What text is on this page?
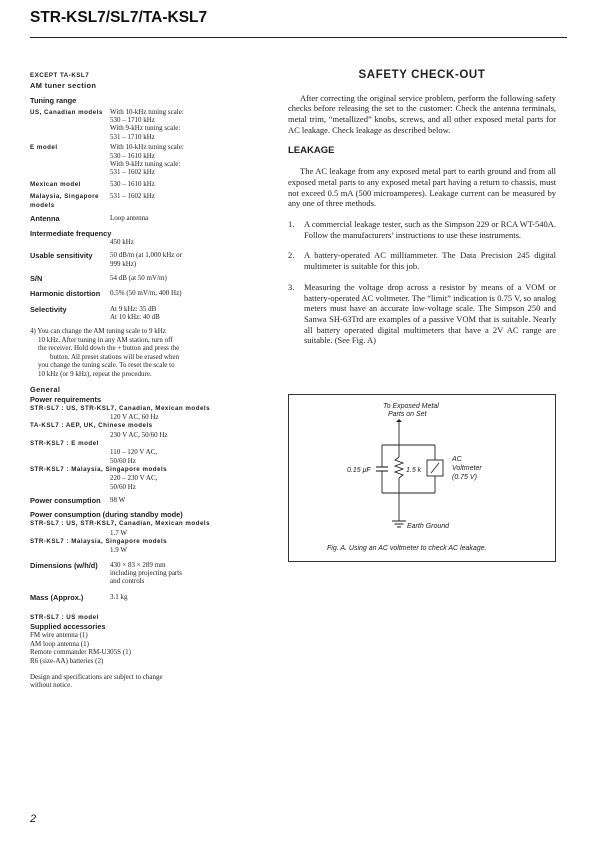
STR-KSL7/SL7/TA-KSL7
EXCEPT TA-KSL7
AM tuner section
Tuning range
US, Canadian models	With 10-kHz tuning scale:
530 – 1710 kHz
With 9-kHz tuning scale:
531 – 1710 kHz
E model	With 10-kHz tuning scale:
530 – 1610 kHz
With 9-kHz tuning scale:
531 – 1602 kHz
Mexican model	530 – 1610 kHz
Malaysia, Singapore models
531 – 1602 kHz
Antenna	Loop antenna
Intermediate frequency
450 kHz
Usable sensitivity	50 dB/m (at 1,000 kHz or
999 kHz)
S/N	54 dB (at 50 mV/m)
Harmonic distortion	0.5% (50 mV/m, 400 Hz)
Selectivity	At 9 kHz: 35 dB
At 10 kHz: 40 dB
4) You can change the AM tuning scale to 9 kHz
10 kHz. After tuning in any AM station, turn off
the receiver. Hold down the + button and press the
button. All preset stations will be erased when
you change the tuning scale. To reset the scale to
10 kHz (or 9 kHz), repeat the procedure.
General
Power requirements
STR-SL7 : US, STR-KSL7, Canadian, Mexican models
120 V AC, 60 Hz
TA-KSL7 : AEP, UK, Chinese models
230 V AC, 50/60 Hz
STR-KSL7 : E model
110 – 120 V AC,
50/60 Hz
STR-KSL7 : Malaysia, Singapore models
220 – 230 V AC,
50/60 Hz
Power consumption	98 W
Power consumption (during standby mode)
STR-SL7 : US, STR-KSL7, Canadian, Mexican models
1.7 W
STR-KSL7 : Malaysia, Singapore models
1.9 W
Dimensions (w/h/d)	430 × 83 × 289 mm
including projecting parts
and controls
Mass (Approx.)	3.1 kg
STR-SL7 : US model
Supplied accessories
FM wire antenna (1)
AM loop antenna (1)
Remote commander RM-U305S (1)
R6 (size-AA) batteries (2)
Design and specifications are subject to change
without notice.
SAFETY CHECK-OUT
After correcting the original service problem, perform the following safety checks before releasing the set to the customer: Check the antenna terminals, metal trim, “metallized” knobs, screws, and all other exposed metal parts for AC leakage. Check leakage as described below.
LEAKAGE
The AC leakage from any exposed metal part to earth ground and from all exposed metal parts to any exposed metal part having a return to chassis, must not exceed 0.5 mA (500 microamperes). Leakage current can be measured by any one of three methods.
1.	A commercial leakage tester, such as the Simpson 229 or RCA WT-540A. Follow the manufacturers’ instructions to use these instruments.
2.	A battery-operated AC milliammeter. The Data Precision 245 digital multimeter is suitable for this job.
3.	Measuring the voltage drop across a resistor by means of a VOM or battery-operated AC voltmeter. The “limit” indication is 0.75 V, so analog meters must have an accurate low-voltage scale. The Simpson 250 and Sanwa SH-63Trd are examples of a passive VOM that is suitable. Nearly all battery operated digital multimeters that have a 2V AC range are suitable. (See Fig. A)
To Exposed Metal
Parts on Set
0.15 μF	1.5 k
AC
Voltmeter
(0.75 V)
Earth Ground
Fig. A. Using an AC voltmeter to check AC leakage.
2
